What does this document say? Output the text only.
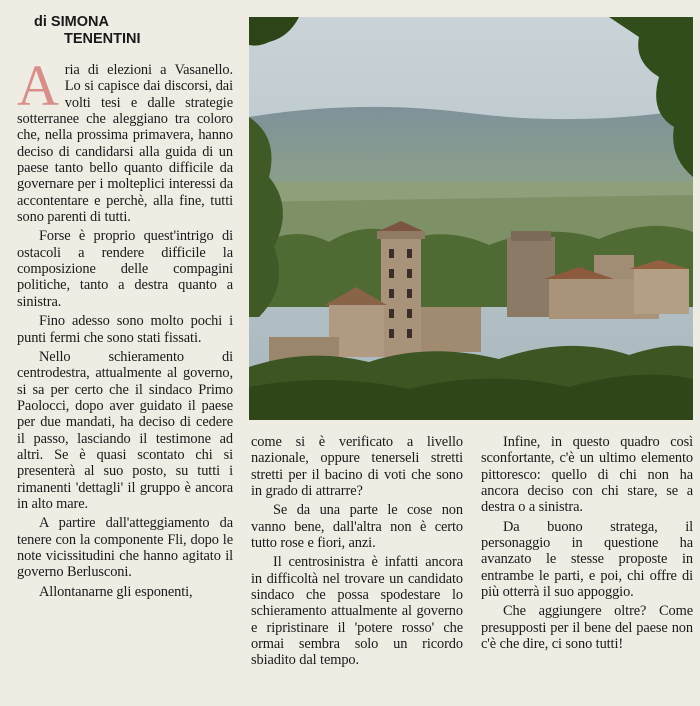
di SIMONA
TENENTINI

Aria di elezioni a Vasanello. Lo si capisce dai discorsi, dai volti tesi e dalle strategie sotterranee che aleggiano tra coloro che, nella prossima primavera, hanno deciso di candidarsi alla guida di un paese tanto bello quanto difficile da governare per i molteplici interessi da accontentare e perchè, alla fine, tutti sono parenti di tutti.

Forse è proprio quest'intrigo di ostacoli a rendere difficile la composizione delle compagini politiche, tanto a destra quanto a sinistra.

Fino adesso sono molto pochi i punti fermi che sono stati fissati.

Nello schieramento di centrodestra, attualmente al governo, si sa per certo che il sindaco Primo Paolocci, dopo aver guidato il paese per due mandati, ha deciso di cedere il passo, lasciando il testimone ad altri. Se è quasi scontato chi si presenterà al suo posto, su tutti i rimanenti 'dettagli' il gruppo è ancora in alto mare.

A partire dall'atteggiamento da tenere con la componente Fli, dopo le note vicissitudini che hanno agitato il governo Berlusconi.

Allontanarne gli esponenti,

come si è verificato a livello nazionale, oppure tenerseli stretti stretti per il bacino di voti che sono in grado di attrarre?

Se da una parte le cose non vanno bene, dall'altra non è certo tutto rose e fiori, anzi.

Il centrosinistra è infatti ancora in difficoltà nel trovare un candidato sindaco che possa spodestare lo schieramento attualmente al governo e ripristinare il 'potere rosso' che ormai sembra solo un ricordo sbiadito dal tempo.

Infine, in questo quadro così sconfortante, c'è un ultimo elemento pittoresco: quello di chi non ha ancora deciso con chi stare, se a destra o a sinistra.

Da buono stratega, il personaggio in questione ha avanzato le stesse proposte in entrambe le parti, e poi, chi offre di più otterrà il suo appoggio.

Che aggiungere oltre? Come presupposti per il bene del paese non c'è che dire, ci sono tutti!
